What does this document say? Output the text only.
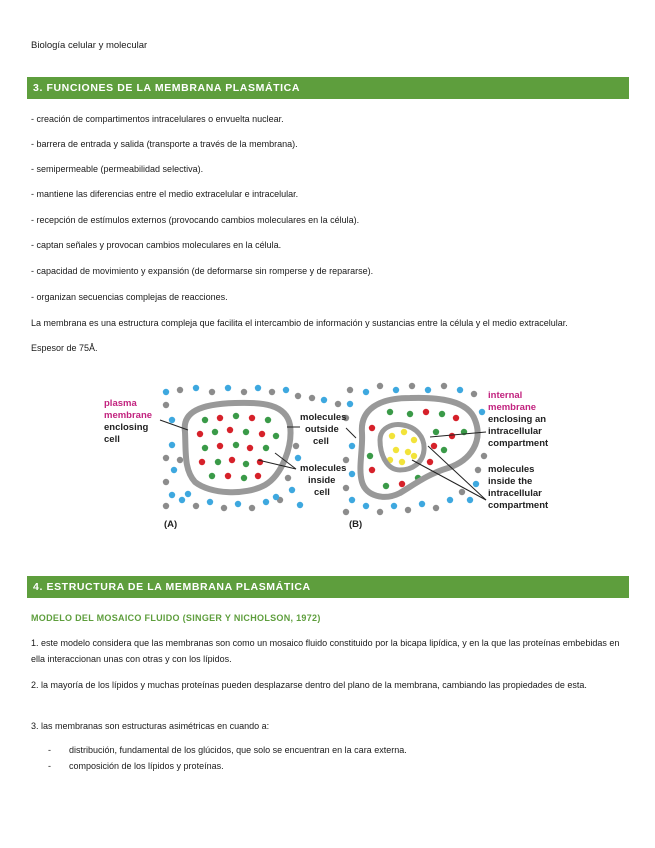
Biología celular y molecular
3. FUNCIONES DE LA MEMBRANA PLASMÁTICA
- creación de compartimentos intracelulares o envuelta nuclear.
- barrera de entrada y salida (transporte a través de la membrana).
- semipermeable (permeabilidad selectiva).
- mantiene las diferencias entre el medio extracelular e intracelular.
- recepción de estímulos externos (provocando cambios moleculares en la célula).
- captan señales y provocan cambios moleculares en la célula.
- capacidad de movimiento y expansión (de deformarse sin romperse y de repararse).
- organizan secuencias complejas de reacciones.
La membrana es una estructura compleja que facilita el intercambio de información y sustancias entre la célula y el medio extracelular.
Espesor de 75Å.
plasma
membrane
enclosing
cell
molecules
outside
cell
molecules
inside
cell
(A)
internal
membrane
enclosing an
intracellular
compartment
molecules
inside the
intracellular
compartment
(B)
4. ESTRUCTURA DE LA MEMBRANA PLASMÁTICA
MODELO DEL MOSAICO FLUIDO (SINGER Y NICHOLSON, 1972)
1. este modelo considera que las membranas son como un mosaico fluido constituido por la bicapa lipídica, y en la que las proteínas embebidas en ella interaccionan unas con otras y con los lípidos.
2. la mayoría de los lípidos y muchas proteínas pueden desplazarse dentro del plano de la membrana, cambiando las propiedades de esta.
3. las membranas son estructuras asimétricas en cuando a:
- distribución, fundamental de los glúcidos, que solo se encuentran en la cara externa.
- composición de los lípidos y proteínas.
